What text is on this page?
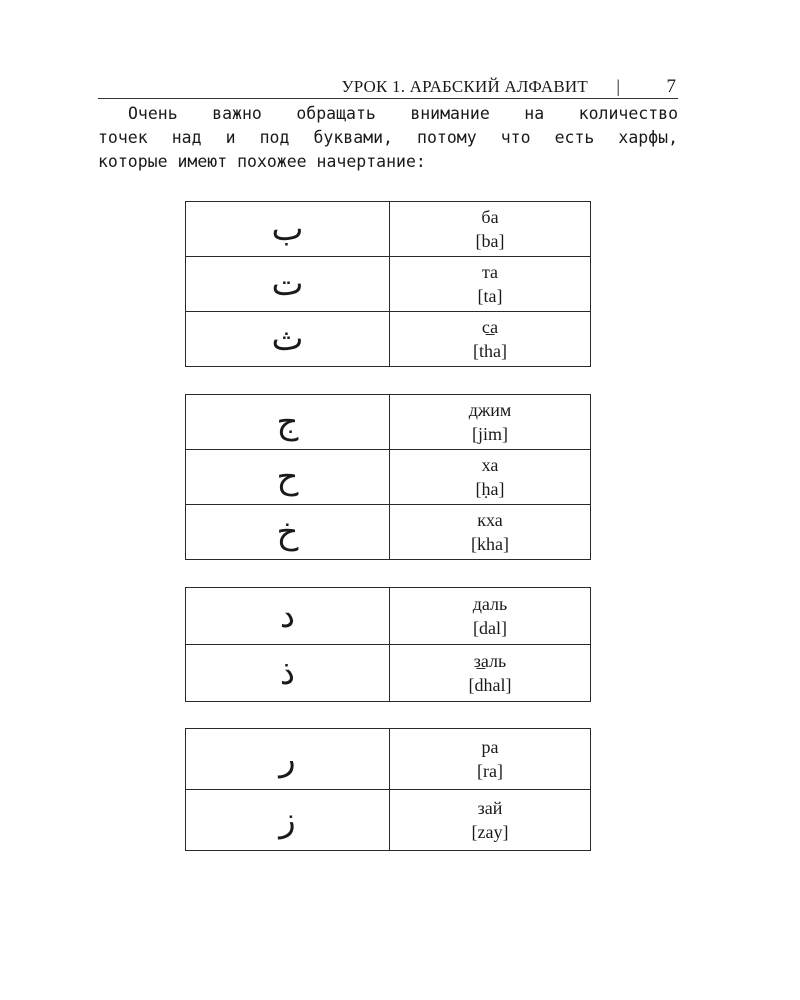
УРОК 1. АРАБСКИЙ АЛФАВИТ | 7

Очень важно обращать внимание на количество
точек над и под буквами, потому что есть харфы,
которые имеют похожее начертание:

ب	ба
[ba]

ت	та
[ta]

ث	с̲а
[tha]
ج	джим
[jim]

ح	ха
[ḥa]

خ	кха
[kha]
د	даль
[dal]

ذ	з̲аль
[dhal]
ر	ра
[ra]

ز	зай
[zay]
